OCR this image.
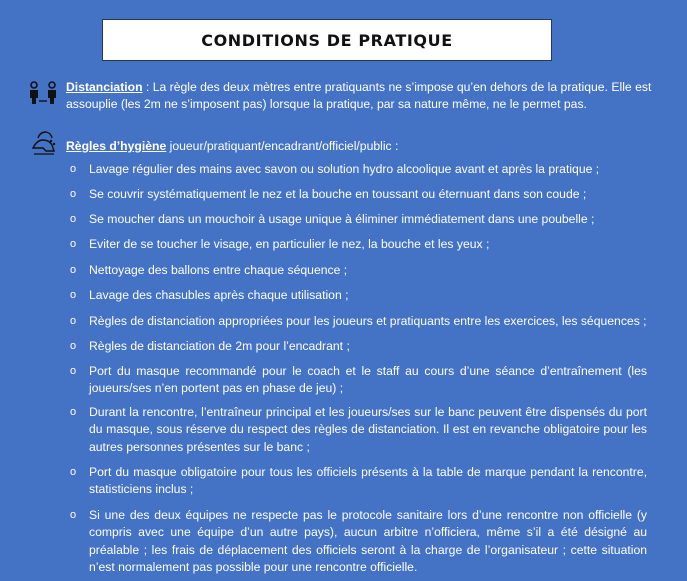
CONDITIONS DE PRATIQUE
Distanciation : La règle des deux mètres entre pratiquants ne s’impose qu’en dehors de la pratique. Elle est assouplie (les 2m ne s’imposent pas) lorsque la pratique, par sa nature même, ne le permet pas.
Règles d’hygiène joueur/pratiquant/encadrant/officiel/public :
o Lavage régulier des mains avec savon ou solution hydro alcoolique avant et après la pratique ;
o Se couvrir systématiquement le nez et la bouche en toussant ou éternuant dans son coude ;
o Se moucher dans un mouchoir à usage unique à éliminer immédiatement dans une poubelle ;
o Eviter de se toucher le visage, en particulier le nez, la bouche et les yeux ;
o Nettoyage des ballons entre chaque séquence ;
o Lavage des chasubles après chaque utilisation ;
o Règles de distanciation appropriées pour les joueurs et pratiquants entre les exercices, les séquences ;
o Règles de distanciation de 2m pour l’encadrant ;
o Port du masque recommandé pour le coach et le staff au cours d’une séance d’entraînement (les joueurs/ses n’en portent pas en phase de jeu) ;
o Durant la rencontre, l’entraîneur principal et les joueurs/ses sur le banc peuvent être dispensés du port du masque, sous réserve du respect des règles de distanciation. Il est en revanche obligatoire pour les autres personnes présentes sur le banc ;
o Port du masque obligatoire pour tous les officiels présents à la table de marque pendant la rencontre, statisticiens inclus ;
o Si une des deux équipes ne respecte pas le protocole sanitaire lors d’une rencontre non officielle (y compris avec une équipe d’un autre pays), aucun arbitre n’officiera, même s’il a été désigné au préalable ; les frais de déplacement des officiels seront à la charge de l’organisateur ; cette situation n’est normalement pas possible pour une rencontre officielle.
